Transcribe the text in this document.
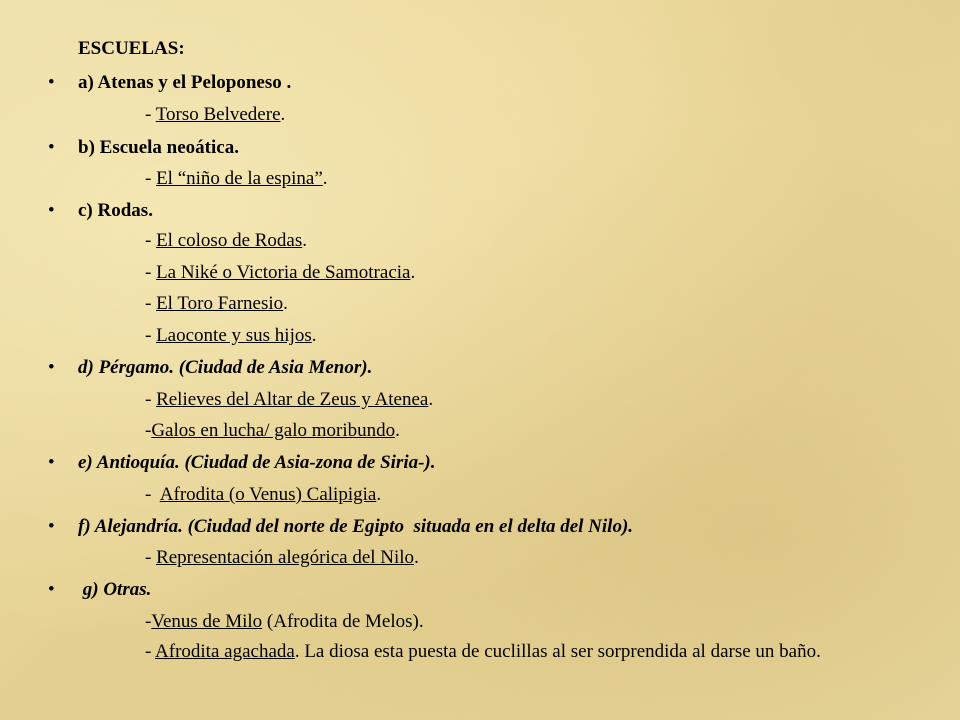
ESCUELAS:
• a) Atenas y el Peloponeso .
- Torso Belvedere.
• b) Escuela neoática.
- El “niño de la espina”.
• c) Rodas.
- El coloso de Rodas.
- La Niké o Victoria de Samotracia.
- El Toro Farnesio.
- Laoconte y sus hijos.
• d) Pérgamo. (Ciudad de Asia Menor).
- Relieves del Altar de Zeus y Atenea.
-Galos en lucha/ galo moribundo.
• e) Antioquía. (Ciudad de Asia-zona de Siria-).
-  Afrodita (o Venus) Calipigia.
• f) Alejandría. (Ciudad del norte de Egipto  situada en el delta del Nilo).
- Representación alegórica del Nilo.
• g) Otras.
-Venus de Milo (Afrodita de Melos).
- Afrodita agachada. La diosa esta puesta de cuclillas al ser sorprendida al darse un baño.
